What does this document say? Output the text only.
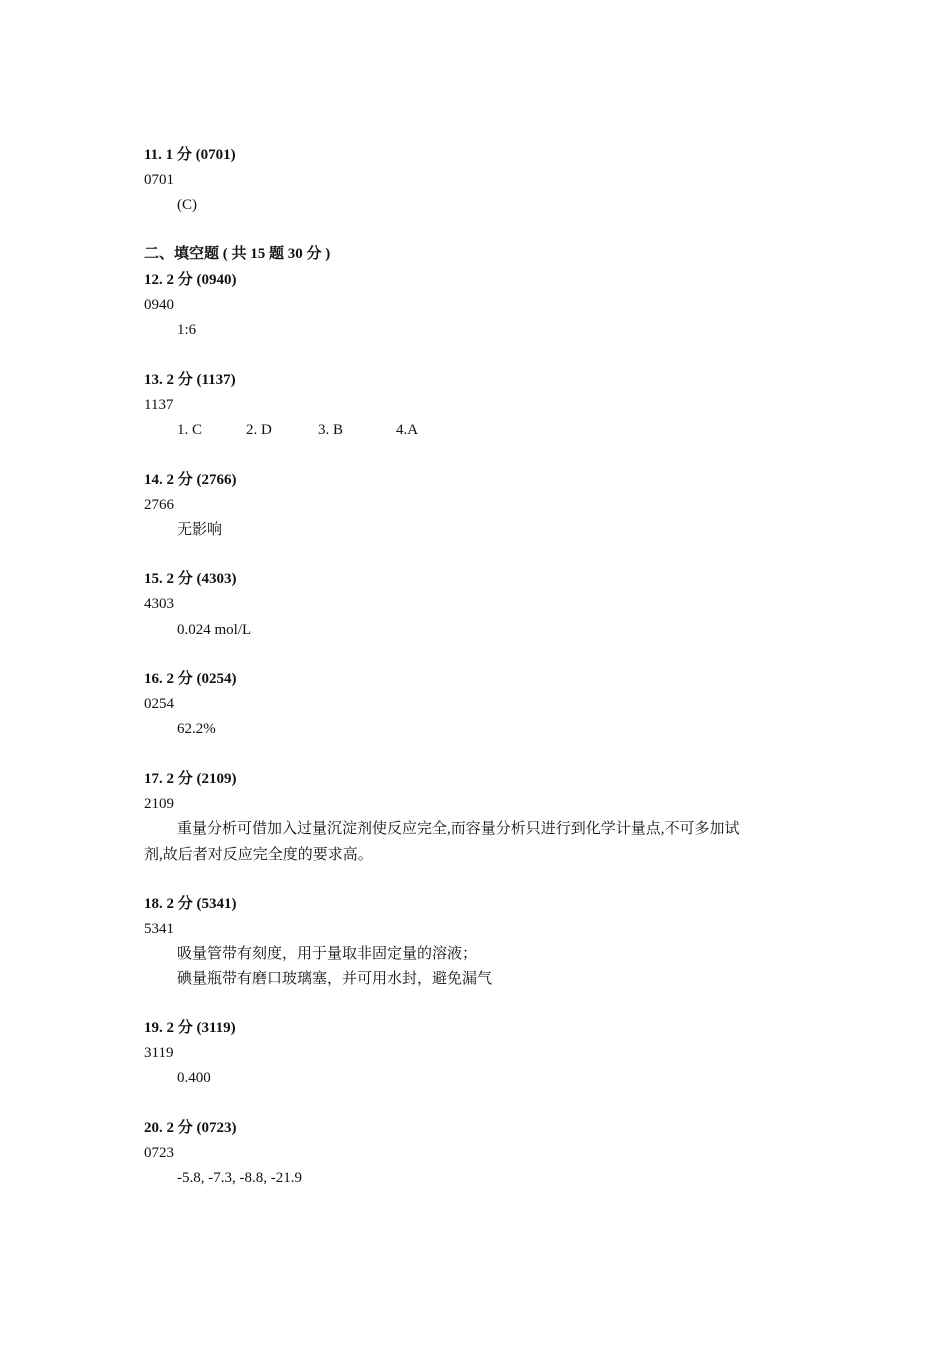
11. 1 分 (0701)
0701
(C)
二、填空题 ( 共 15 题 30 分 )
12. 2 分 (0940)
0940
1:6
13. 2 分 (1137)
1137
1. C	2. D	3. B	4.A
14. 2 分 (2766)
2766
无影响
15. 2 分 (4303)
4303
0.024 mol/L
16. 2 分 (0254)
0254
62.2%
17. 2 分 (2109)
2109
重量分析可借加入过量沉淀剂使反应完全,而容量分析只进行到化学计量点,不可多加试
剂,故后者对反应完全度的要求高。
18. 2 分 (5341)
5341
吸量管带有刻度，用于量取非固定量的溶液；
碘量瓶带有磨口玻璃塞，并可用水封，避免漏气
19. 2 分 (3119)
3119
0.400
20. 2 分 (0723)
0723
-5.8, -7.3, -8.8, -21.9
